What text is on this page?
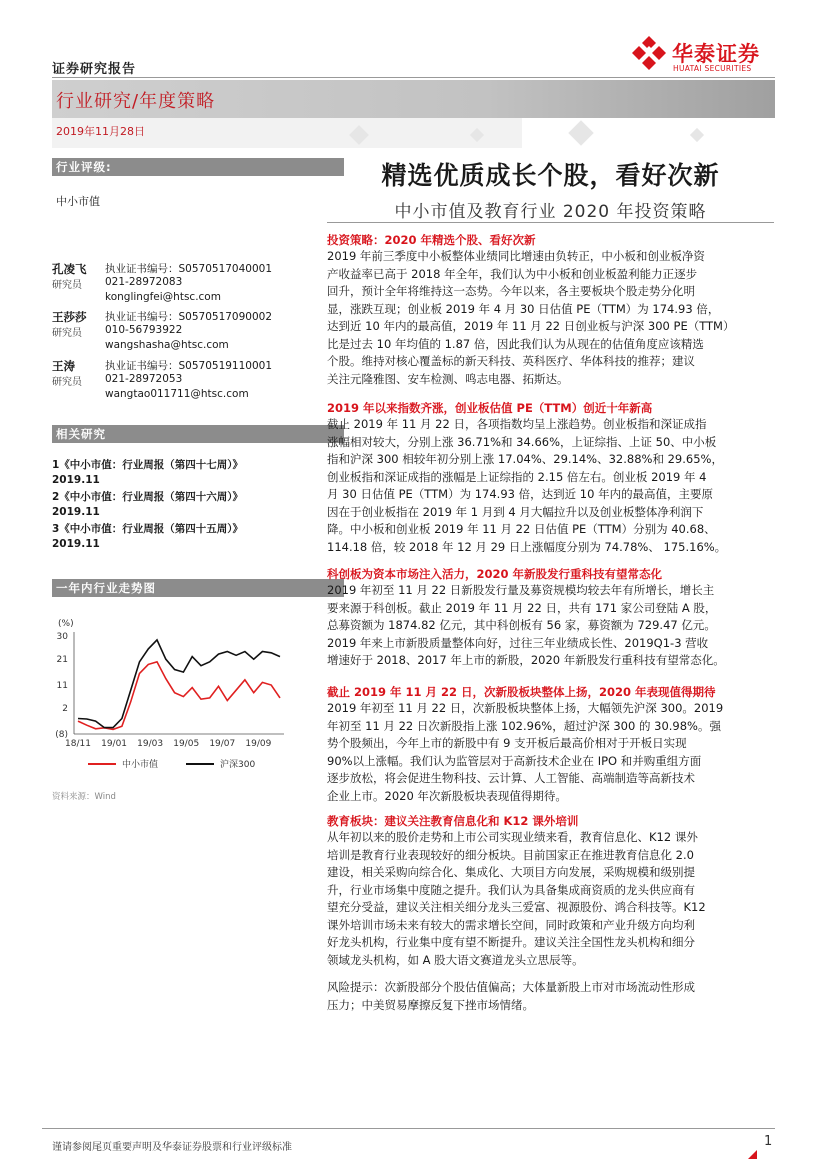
证券研究报告
华泰证券
HUATAI SECURITIES
行业研究/年度策略
2019年11月28日
行业评级:
中小市值
孔凌飞
研究员
执业证书编号：S0570517040001
021-28972083
konglingfei@htsc.com
王莎莎
研究员
执业证书编号：S0570517090002
010-56793922
wangshasha@htsc.com
王涛
研究员
执业证书编号：S0570519110001
021-28972053
wangtao011711@htsc.com
相关研究
1《中小市值：行业周报（第四十七周）》
2019.11
2《中小市值：行业周报（第四十六周）》
2019.11
3《中小市值：行业周报（第四十五周）》
2019.11
一年内行业走势图
(%)
30
21
11
2
(8)
18/11 19/01 19/03 19/05 19/07 19/09
中小市值	沪深300
资料来源：Wind
精选优质成长个股，看好次新
中小市值及教育行业 2020 年投资策略
投资策略：2020 年精选个股、看好次新
2019 年前三季度中小板整体业绩同比增速由负转正，中小板和创业板净资
产收益率已高于 2018 年全年，我们认为中小板和创业板盈利能力正逐步
回升，预计全年将维持这一态势。今年以来，各主要板块个股走势分化明
显，涨跌互现；创业板 2019 年 4 月 30 日估值 PE（TTM）为 174.93 倍，
达到近 10 年内的最高值，2019 年 11 月 22 日创业板与沪深 300 PE（TTM）
比是过去 10 年均值的 1.87 倍，因此我们认为从现在的估值角度应该精选
个股。维持对核心覆盖标的新天科技、英科医疗、华体科技的推荐；建议
关注元隆雅图、安车检测、鸣志电器、拓斯达。
2019 年以来指数齐涨，创业板估值 PE（TTM）创近十年新高
截止 2019 年 11 月 22 日，各项指数均呈上涨趋势。创业板指和深证成指
涨幅相对较大，分别上涨 36.71%和 34.66%，上证综指、上证 50、中小板
指和沪深 300 相较年初分别上涨 17.04%、29.14%、32.88%和 29.65%，
创业板指和深证成指的涨幅是上证综指的 2.15 倍左右。创业板 2019 年 4
月 30 日估值 PE（TTM）为 174.93 倍，达到近 10 年内的最高值，主要原
因在于创业板指在 2019 年 1 月到 4 月大幅拉升以及创业板整体净利润下
降。中小板和创业板 2019 年 11 月 22 日估值 PE（TTM）分别为 40.68、
114.18 倍，较 2018 年 12 月 29 日上涨幅度分别为 74.78%、 175.16%。
科创板为资本市场注入活力，2020 年新股发行重科技有望常态化
2019 年初至 11 月 22 日新股发行量及募资规模均较去年有所增长，增长主
要来源于科创板。截止 2019 年 11 月 22 日，共有 171 家公司登陆 A 股，
总募资额为 1874.82 亿元，其中科创板有 56 家，募资额为 729.47 亿元。
2019 年来上市新股质量整体向好，过往三年业绩成长性、2019Q1-3 营收
增速好于 2018、2017 年上市的新股，2020 年新股发行重科技有望常态化。
截止 2019 年 11 月 22 日，次新股板块整体上扬，2020 年表现值得期待
2019 年初至 11 月 22 日，次新股板块整体上扬，大幅领先沪深 300。2019
年初至 11 月 22 日次新股指上涨 102.96%，超过沪深 300 的 30.98%。强
势个股频出，今年上市的新股中有 9 支开板后最高价相对于开板日实现
90%以上涨幅。我们认为监管层对于高新技术企业在 IPO 和并购重组方面
逐步放松，将会促进生物科技、云计算、人工智能、高端制造等高新技术
企业上市。2020 年次新股板块表现值得期待。
教育板块：建议关注教育信息化和 K12 课外培训
从年初以来的股价走势和上市公司实现业绩来看，教育信息化、K12 课外
培训是教育行业表现较好的细分板块。目前国家正在推进教育信息化 2.0
建设，相关采购向综合化、集成化、大项目方向发展，采购规模和级别提
升，行业市场集中度随之提升。我们认为具备集成商资质的龙头供应商有
望充分受益，建议关注相关细分龙头三爱富、视源股份、鸿合科技等。K12
课外培训市场未来有较大的需求增长空间，同时政策和产业升级方向均利
好龙头机构，行业集中度有望不断提升。建议关注全国性龙头机构和细分
领域龙头机构，如 A 股大语文赛道龙头立思辰等。
风险提示：次新股部分个股估值偏高；大体量新股上市对市场流动性形成
压力；中美贸易摩擦反复下挫市场情绪。
谨请参阅尾页重要声明及华泰证券股票和行业评级标准	1
